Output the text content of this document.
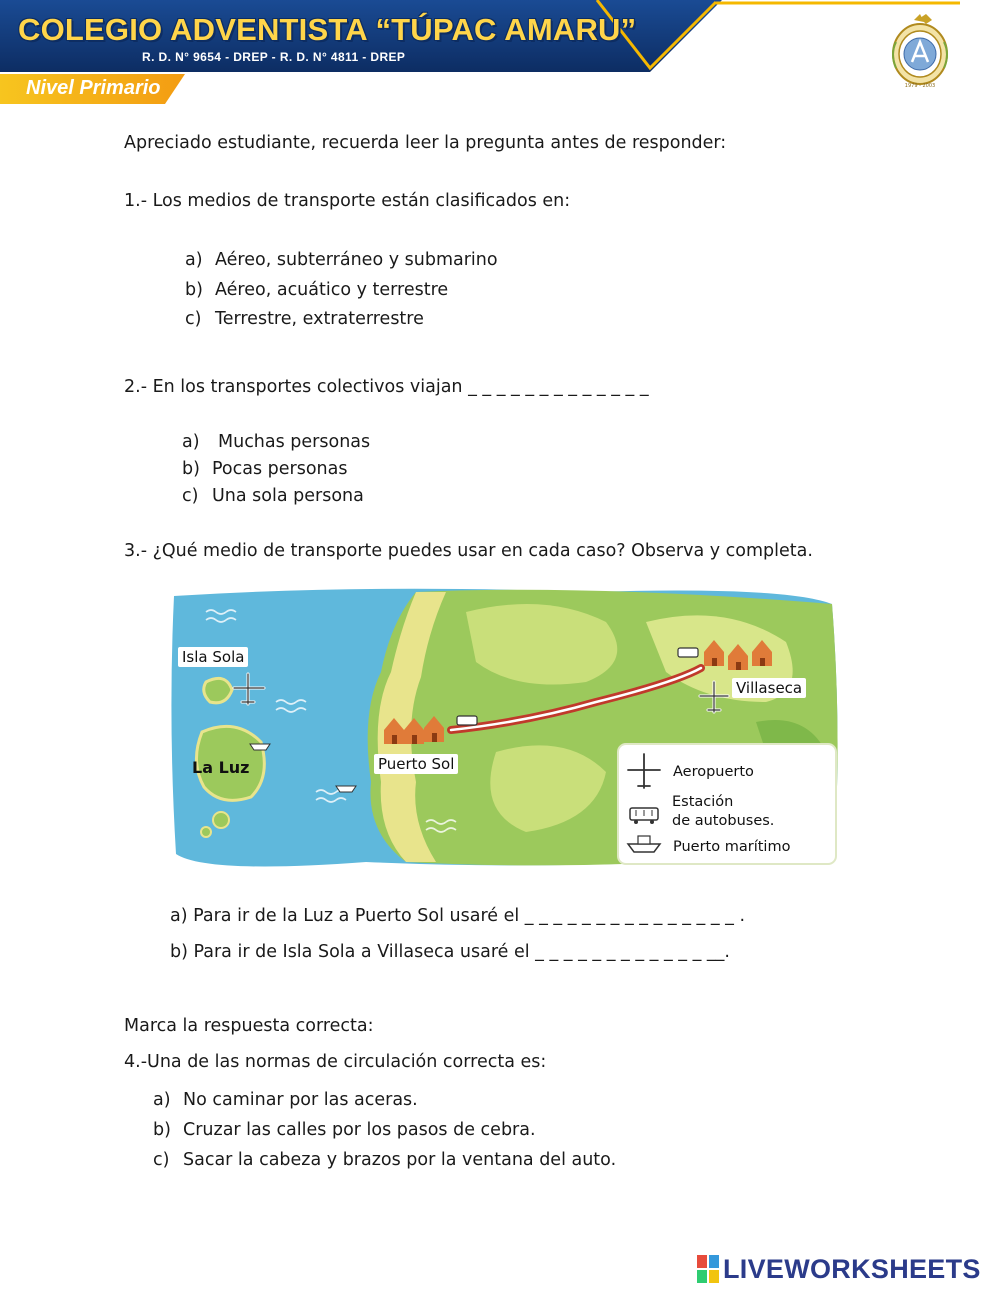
COLEGIO ADVENTISTA “TÚPAC AMARU”
R. D. N° 9654 - DREP - R. D. N° 4811 - DREP
Nivel Primario	1979 - 2003

Apreciado estudiante, recuerda leer la pregunta antes de responder:

1.- Los medios de transporte están clasificados en:

a) Aéreo, subterráneo y submarino
b) Aéreo, acuático y terrestre
c) Terrestre, extraterrestre

2.- En los transportes colectivos viajan _ _ _ _ _ _ _ _ _ _ _ _ _

a) Muchas personas
b) Pocas personas
c) Una sola persona

3.- ¿Qué medio de transporte puedes usar en cada caso? Observa y completa.

Isla Sola
La Luz	Puerto Sol
Villaseca
Aeropuerto
Estación
de autobuses.
Puerto marítimo

a) Para ir de la Luz a Puerto Sol usaré el _ _ _ _ _ _ _ _ _ _ _ _ _ _ _ .

b) Para ir de Isla Sola a Villaseca usaré el _ _ _ _ _ _ _ _ _ _ _ _ __.

Marca la respuesta correcta:

4.-Una de las normas de circulación correcta es:

a) No caminar por las aceras.
b) Cruzar las calles por los pasos de cebra.
c) Sacar la cabeza y brazos por la ventana del auto.
LIVEWORKSHEETS
